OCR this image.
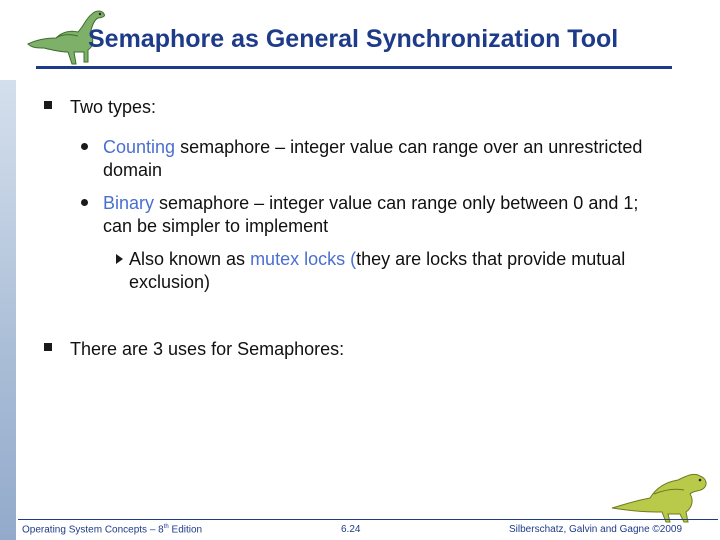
Semaphore as General Synchronization Tool
Two types:
Counting semaphore – integer value can range over an unrestricted
domain
Binary semaphore – integer value can range only between 0 and 1;
can be simpler to implement
Also known as mutex locks (they are locks that provide mutual
exclusion)
There are 3 uses for Semaphores:
Operating System Concepts – 8th Edition	6.24	Silberschatz, Galvin and Gagne ©2009
